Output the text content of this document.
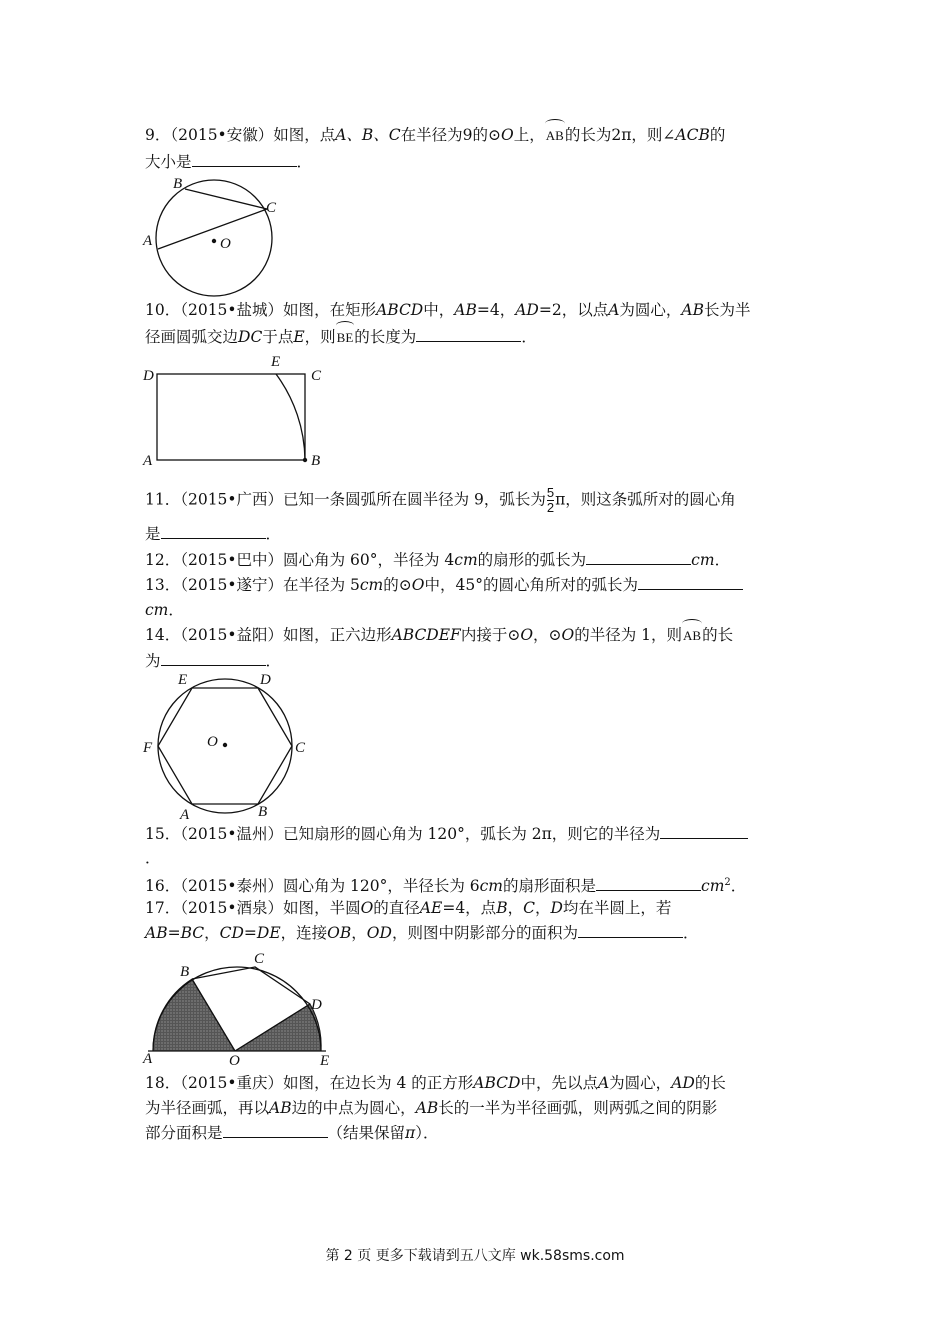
9．（2015•安徽）如图，点A、B、C在半径为9的⊙O上，AB的长为2π，则∠ACB的
大小是	．
A
B
C
O
10．（2015•盐城）如图，在矩形ABCD中，AB=4，AD=2，以点A为圆心，AB长为半
径画圆弧交边DC于点E，则BE的长度为	．
D
E
C
A	B
11．（2015•广西）已知一条圆弧所在圆半径为 9，弧长为 $\frac{5}{2}$ π，则这条弧所对的圆心角
是	．
12．（2015•巴中）圆心角为 60°，半径为 4cm的扇形的弧长为	cm．
13．（2015•遂宁）在半径为 5cm的⊙O中，45°的圆心角所对的弧长为
cm．
14．（2015•益阳）如图，正六边形ABCDEF内接于⊙O，⊙O的半径为 1，则AB的长
为	．
E	D
F	C
A	B
O
15．（2015•温州）已知扇形的圆心角为 120°，弧长为 2π，则它的半径为
．
16．（2015•泰州）圆心角为 120°，半径长为 6cm的扇形面积是	$cm^2$．
17．（2015•酒泉）如图，半圆O的直径AE=4，点B，C，D均在半圆上，若
AB=BC，CD=DE，连接OB，OD，则图中阴影部分的面积为	．
A
B
C
D
O	E
18．（2015•重庆）如图，在边长为 4 的正方形ABCD中，先以点A为圆心，AD的长
为半径画弧，再以AB边的中点为圆心，AB长的一半为半径画弧，则两弧之间的阴影
部分面积是	（结果保留π）．
第 2 页 更多下载请到五八文库 wk.58sms.com
